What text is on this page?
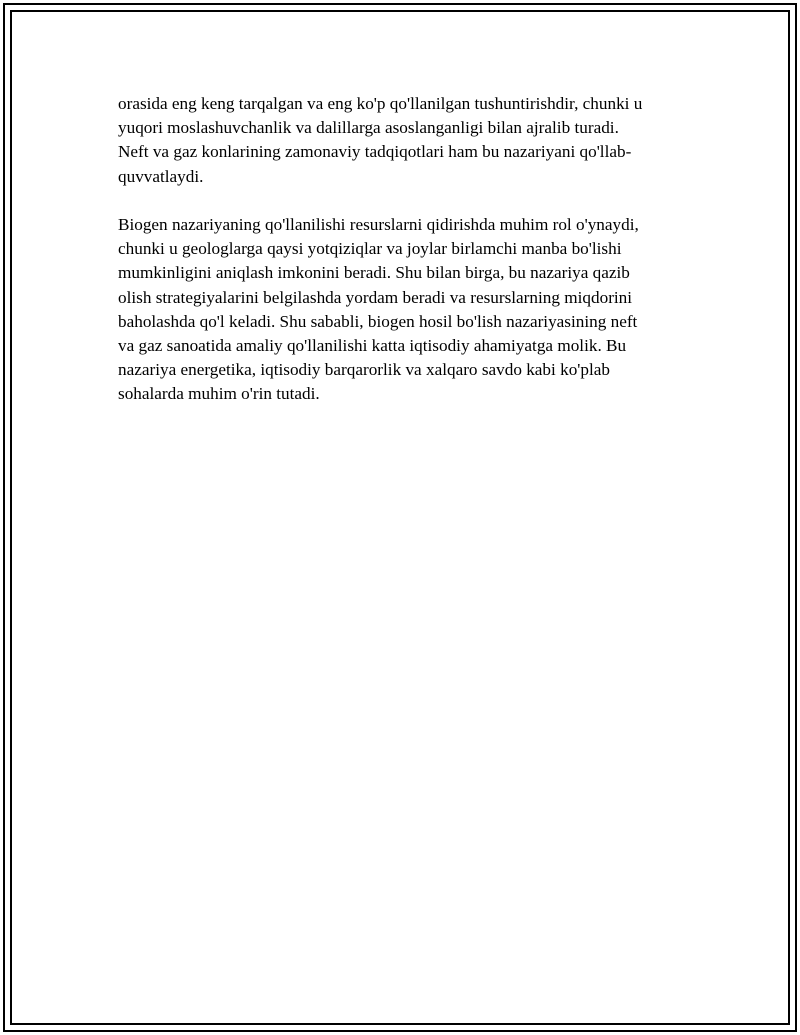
orasida eng keng tarqalgan va eng ko'p qo'llanilgan tushuntirishdir, chunki u
yuqori moslashuvchanlik va dalillarga asoslanganligi bilan ajralib turadi.
Neft va gaz konlarining zamonaviy tadqiqotlari ham bu nazariyani qo'llab-
quvvatlaydi.

Biogen nazariyaning qo'llanilishi resurslarni qidirishda muhim rol o'ynaydi,
chunki u geologlarga qaysi yotqiziqlar va joylar birlamchi manba bo'lishi
mumkinligini aniqlash imkonini beradi. Shu bilan birga, bu nazariya qazib
olish strategiyalarini belgilashda yordam beradi va resurslarning miqdorini
baholashda qo'l keladi. Shu sababli, biogen hosil bo'lish nazariyasining neft
va gaz sanoatida amaliy qo'llanilishi katta iqtisodiy ahamiyatga molik. Bu
nazariya energetika, iqtisodiy barqarorlik va xalqaro savdo kabi ko'plab
sohalarda muhim o'rin tutadi.
